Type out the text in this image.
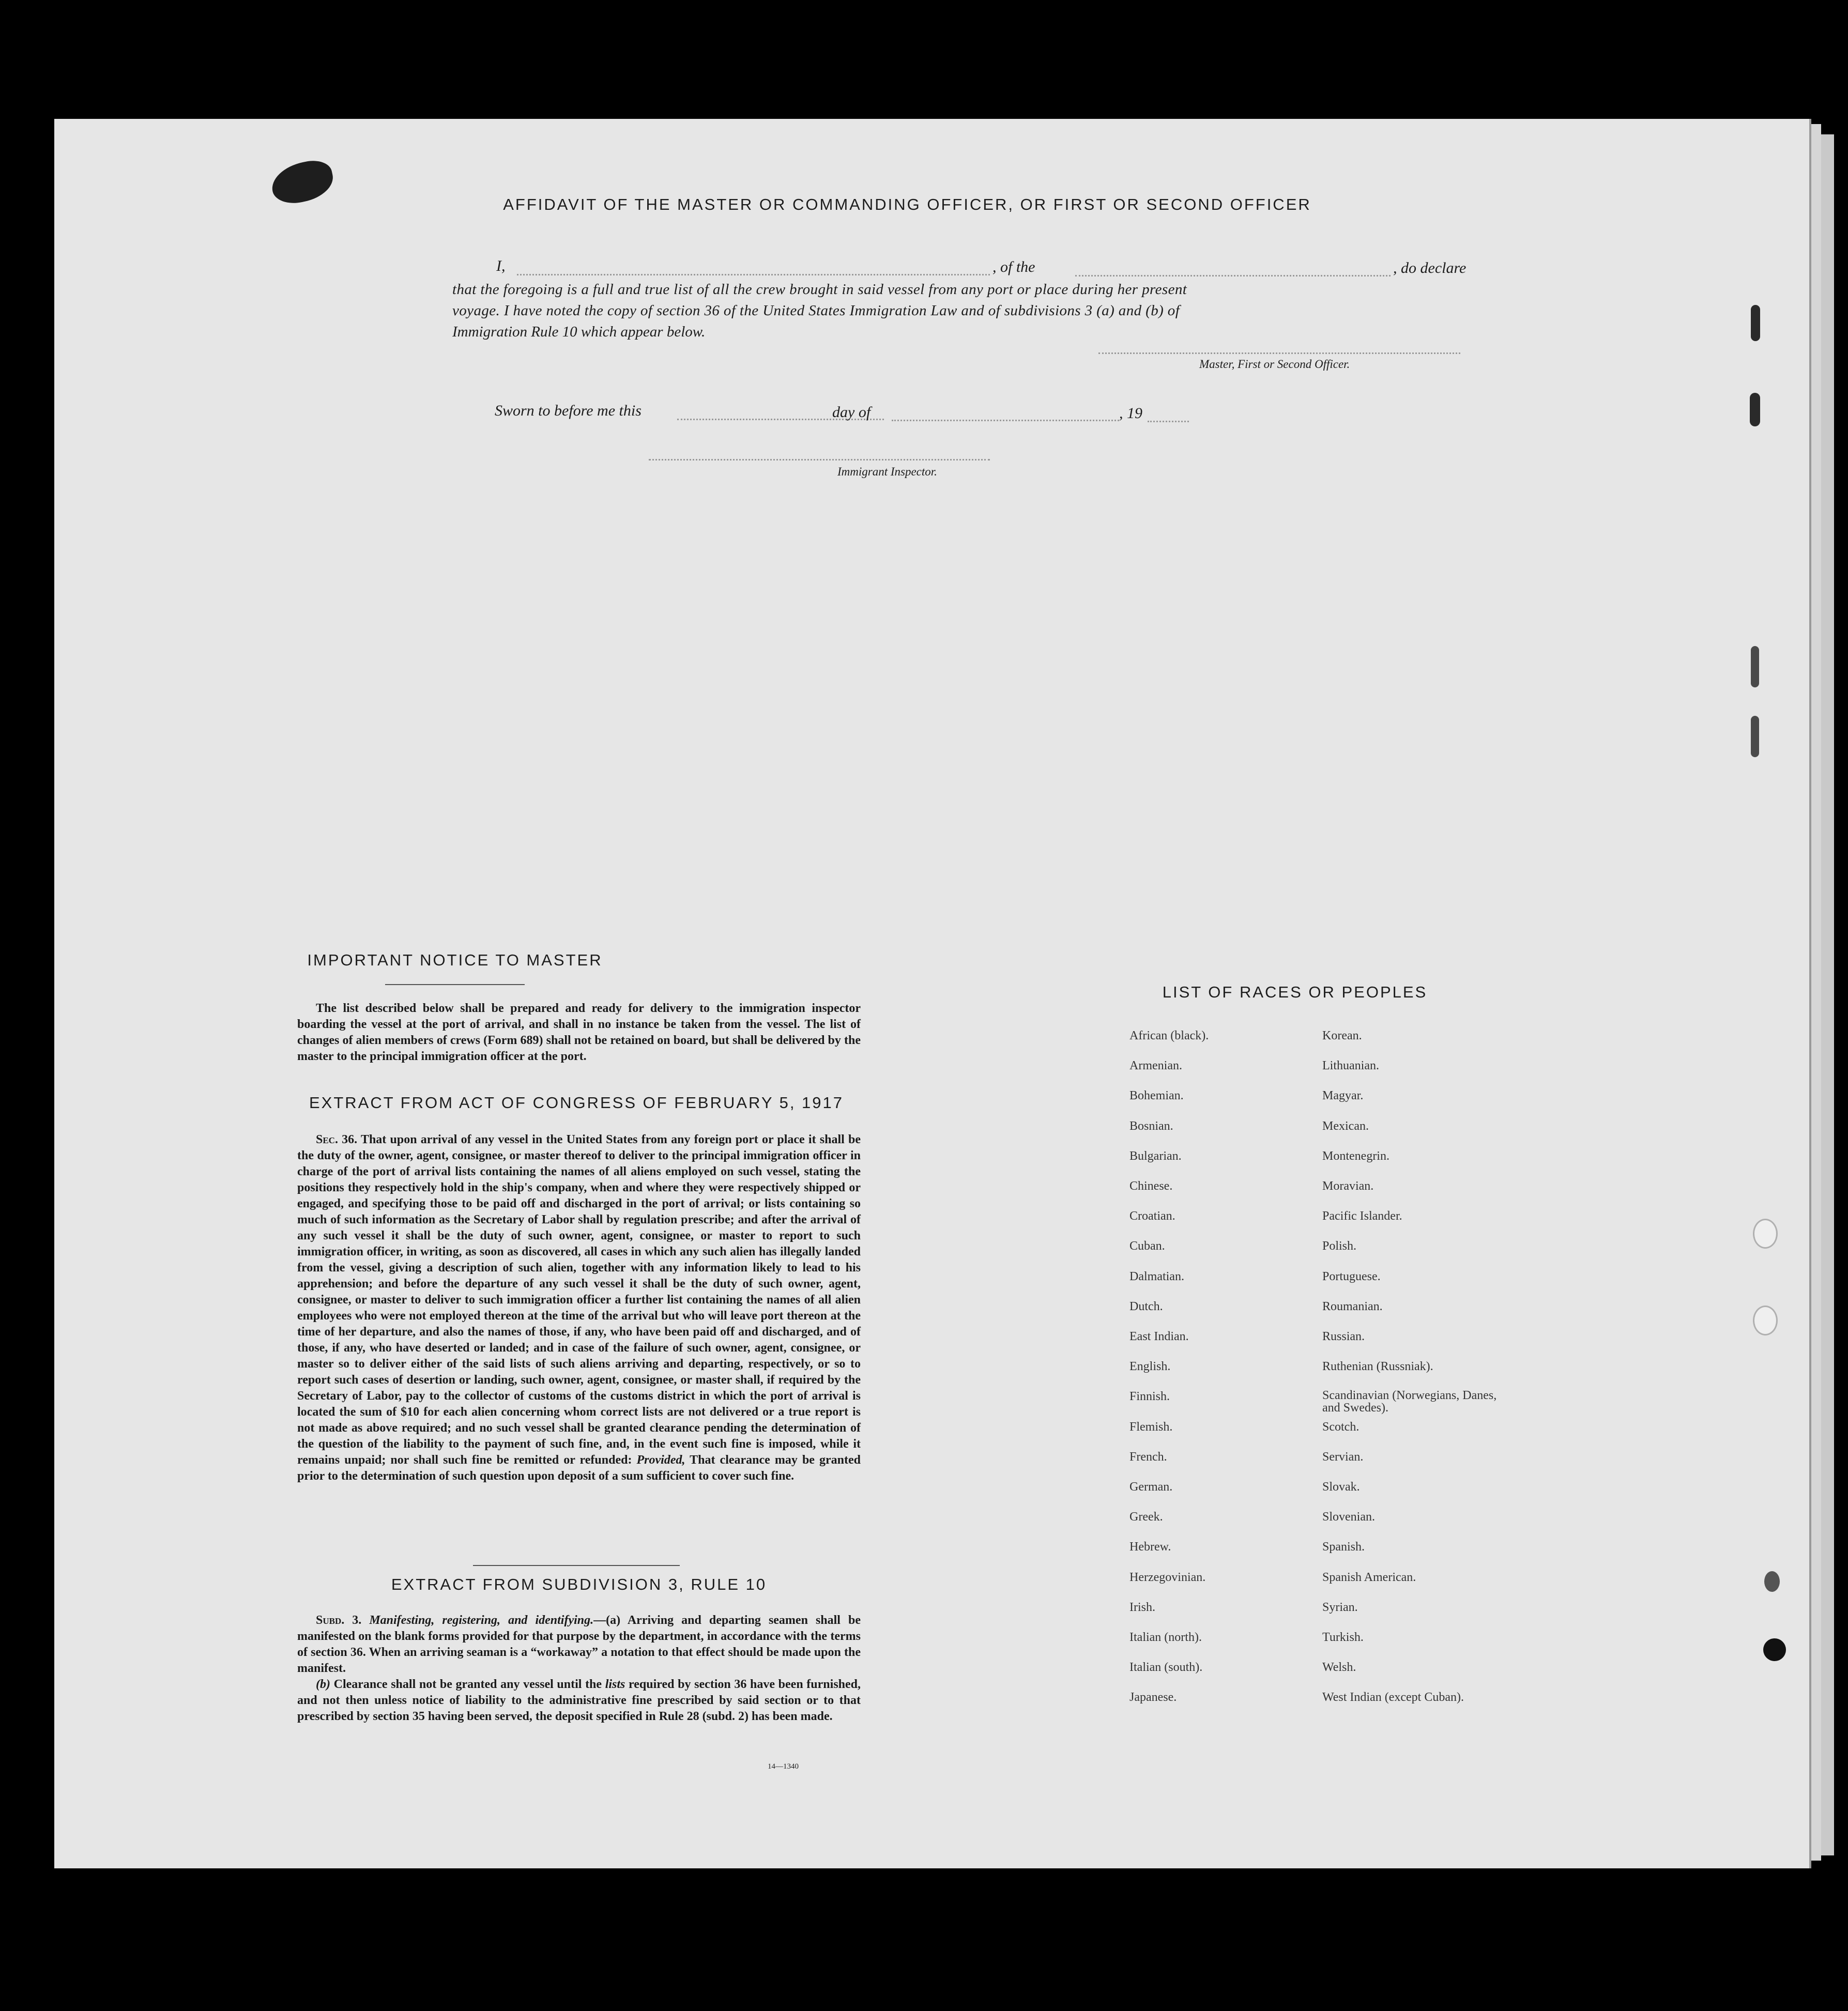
AFFIDAVIT OF THE MASTER OR COMMANDING OFFICER, OR FIRST OR SECOND OFFICER
I,	, of the	, do declare
that the foregoing is a full and true list of all the crew brought in said vessel from any port or place during her present
voyage. I have noted the copy of section 36 of the United States Immigration Law and of subdivisions 3 (a) and (b) of
Immigration Rule 10 which appear below.
Master, First or Second Officer.
Sworn to before me this	day of	, 19
Immigrant Inspector.
IMPORTANT NOTICE TO MASTER

The list described below shall be prepared and ready for delivery to the immigration inspector boarding the vessel at the port of arrival, and shall in no instance be taken from the vessel. The list of changes of alien members of crews (Form 689) shall not be retained on board, but shall be delivered by the master to the principal immigration officer at the port.

EXTRACT FROM ACT OF CONGRESS OF FEBRUARY 5, 1917

Sec. 36. That upon arrival of any vessel in the United States from any foreign port or place it shall be the duty of the owner, agent, consignee, or master thereof to deliver to the principal immigration officer in charge of the port of arrival lists containing the names of all aliens employed on such vessel, stating the positions they respectively hold in the ship's company, when and where they were respectively shipped or engaged, and specifying those to be paid off and discharged in the port of arrival; or lists containing so much of such information as the Secretary of Labor shall by regulation prescribe; and after the arrival of any such vessel it shall be the duty of such owner, agent, consignee, or master to report to such immigration officer, in writing, as soon as discovered, all cases in which any such alien has illegally landed from the vessel, giving a description of such alien, together with any information likely to lead to his apprehension; and before the departure of any such vessel it shall be the duty of such owner, agent, consignee, or master to deliver to such immigration officer a further list containing the names of all alien employees who were not employed thereon at the time of the arrival but who will leave port thereon at the time of her departure, and also the names of those, if any, who have been paid off and discharged, and of those, if any, who have deserted or landed; and in case of the failure of such owner, agent, consignee, or master so to deliver either of the said lists of such aliens arriving and departing, respectively, or so to report such cases of desertion or landing, such owner, agent, consignee, or master shall, if required by the Secretary of Labor, pay to the collector of customs of the customs district in which the port of arrival is located the sum of $10 for each alien concerning whom correct lists are not delivered or a true report is not made as above required; and no such vessel shall be granted clearance pending the determination of the question of the liability to the payment of such fine, and, in the event such fine is imposed, while it remains unpaid; nor shall such fine be remitted or refunded: Provided, That clearance may be granted prior to the determination of such question upon deposit of a sum sufficient to cover such fine.

EXTRACT FROM SUBDIVISION 3, RULE 10

Subd. 3. Manifesting, registering, and identifying.—(a) Arriving and departing seamen shall be manifested on the blank forms provided for that purpose by the department, in accordance with the terms of section 36. When an arriving seaman is a “workaway” a notation to that effect should be made upon the manifest.

(b) Clearance shall not be granted any vessel until the lists required by section 36 have been furnished, and not then unless notice of liability to the administrative fine prescribed by said section or to that prescribed by section 35 having been served, the deposit specified in Rule 28 (subd. 2) has been made.

14—1340
LIST OF RACES OR PEOPLES
African (black).
Armenian.
Bohemian.
Bosnian.
Bulgarian.
Chinese.
Croatian.
Cuban.
Dalmatian.
Dutch.
East Indian.
English.
Finnish.
Flemish.
French.
German.
Greek.
Hebrew.
Herzegovinian.
Irish.
Italian (north).
Italian (south).
Japanese.
Korean.
Lithuanian.
Magyar.
Mexican.
Montenegrin.
Moravian.
Pacific Islander.
Polish.
Portuguese.
Roumanian.
Russian.
Ruthenian (Russniak).
Scandinavian (Norwegians, Danes, and Swedes).
Scotch.
Servian.
Slovak.
Slovenian.
Spanish.
Spanish American.
Syrian.
Turkish.
Welsh.
West Indian (except Cuban).
